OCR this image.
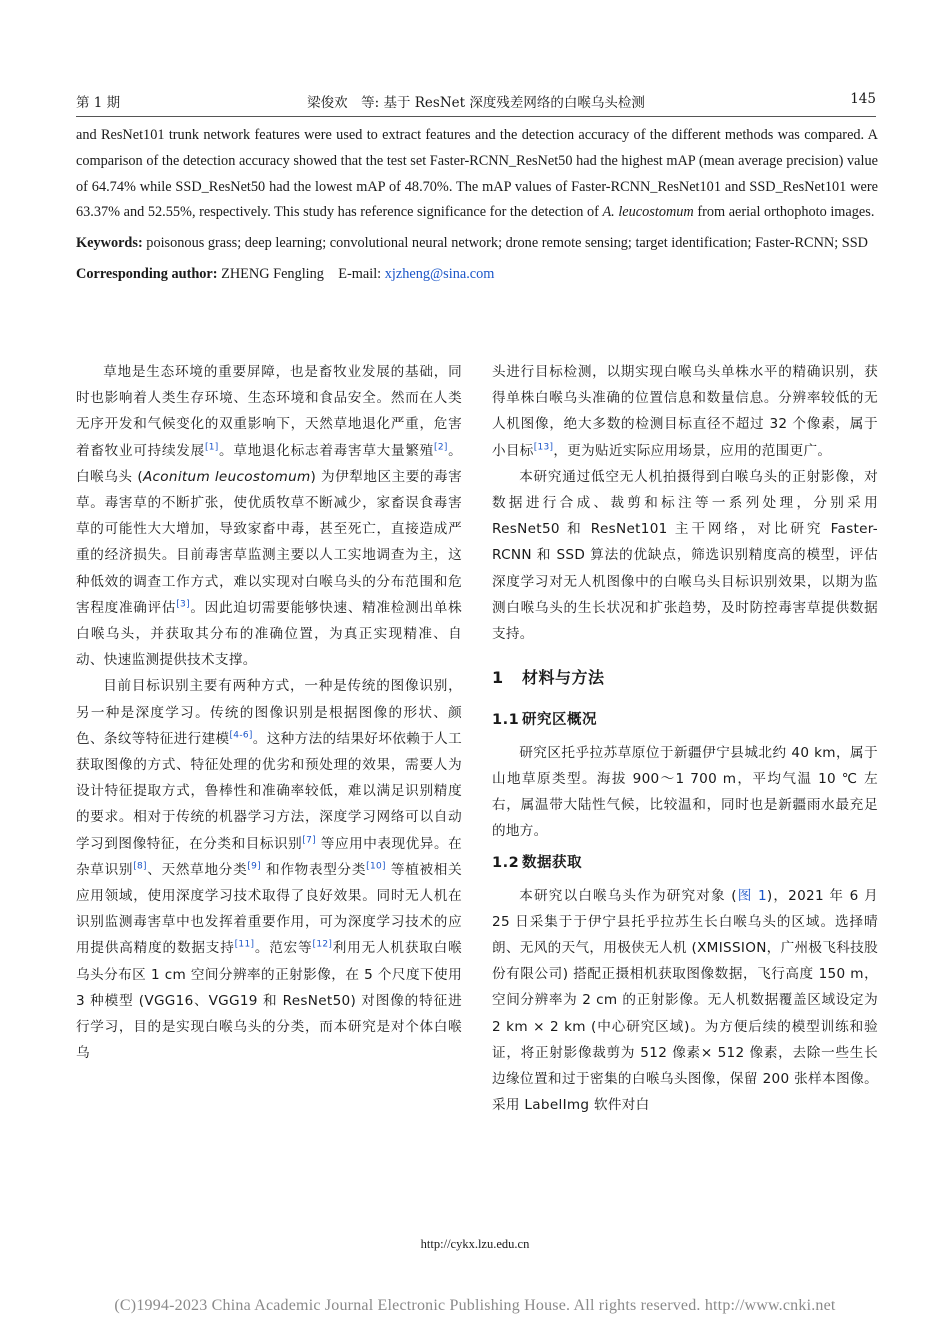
第 1 期	梁俊欢　等: 基于 ResNet 深度残差网络的白喉乌头检测	145

and ResNet101 trunk network features were used to extract features and the detection accuracy of the different methods was compared. A comparison of the detection accuracy showed that the test set Faster-RCNN_ResNet50 had the highest mAP (mean average precision) value of 64.74% while SSD_ResNet50 had the lowest mAP of 48.70%. The mAP values of Faster-RCNN_ResNet101 and SSD_ResNet101 were 63.37% and 52.55%, respectively. This study has reference significance for the detection of A. leucostomum from aerial orthophoto images.

Keywords: poisonous grass; deep learning; convolutional neural network; drone remote sensing; target identification; Faster-RCNN; SSD

Corresponding author: ZHENG Fengling E-mail: xjzheng@sina.com

草地是生态环境的重要屏障，也是畜牧业发展的基础，同时也影响着人类生存环境、生态环境和食品安全。然而在人类无序开发和气候变化的双重影响下，天然草地退化严重，危害着畜牧业可持续发展[1]。草地退化标志着毒害草大量繁殖[2]。白喉乌头 (Aconitum leucostomum) 为伊犁地区主要的毒害草。毒害草的不断扩张，使优质牧草不断减少，家畜误食毒害草的可能性大大增加，导致家畜中毒，甚至死亡，直接造成严重的经济损失。目前毒害草监测主要以人工实地调查为主，这种低效的调查工作方式，难以实现对白喉乌头的分布范围和危害程度准确评估[3]。因此迫切需要能够快速、精准检测出单株白喉乌头，并获取其分布的准确位置，为真正实现精准、自动、快速监测提供技术支撑。

目前目标识别主要有两种方式，一种是传统的图像识别，另一种是深度学习。传统的图像识别是根据图像的形状、颜色、条纹等特征进行建模[4-6]。这种方法的结果好坏依赖于人工获取图像的方式、特征处理的优劣和预处理的效果，需要人为设计特征提取方式，鲁棒性和准确率较低，难以满足识别精度的要求。相对于传统的机器学习方法，深度学习网络可以自动学习到图像特征，在分类和目标识别[7] 等应用中表现优异。在杂草识别[8]、天然草地分类[9] 和作物表型分类[10] 等植被相关应用领域，使用深度学习技术取得了良好效果。同时无人机在识别监测毒害草中也发挥着重要作用，可为深度学习技术的应用提供高精度的数据支持[11]。范宏等[12]利用无人机获取白喉乌头分布区 1 cm 空间分辨率的正射影像，在 5 个尺度下使用 3 种模型 (VGG16、VGG19 和 ResNet50) 对图像的特征进行学习，目的是实现白喉乌头的分类，而本研究是对个体白喉乌

头进行目标检测，以期实现白喉乌头单株水平的精确识别，获得单株白喉乌头准确的位置信息和数量信息。分辨率较低的无人机图像，绝大多数的检测目标直径不超过 32 个像素，属于小目标[13]，更为贴近实际应用场景，应用的范围更广。

本研究通过低空无人机拍摄得到白喉乌头的正射影像，对数据进行合成、裁剪和标注等一系列处理，分别采用 ResNet50 和 ResNet101 主干网络，对比研究 Faster-RCNN 和 SSD 算法的优缺点，筛选识别精度高的模型，评估深度学习对无人机图像中的白喉乌头目标识别效果，以期为监测白喉乌头的生长状况和扩张趋势，及时防控毒害草提供数据支持。

1 材料与方法
1.1 研究区概况

研究区托乎拉苏草原位于新疆伊宁县城北约 40 km，属于山地草原类型。海拔 900～1 700 m，平均气温 10 ℃ 左右，属温带大陆性气候，比较温和，同时也是新疆雨水最充足的地方。

1.2 数据获取

本研究以白喉乌头作为研究对象 (图 1)，2021 年 6 月 25 日采集于于伊宁县托乎拉苏生长白喉乌头的区域。选择晴朗、无风的天气，用极侠无人机 (XMISSION，广州极飞科技股份有限公司) 搭配正摄相机获取图像数据，飞行高度 150 m，空间分辨率为 2 cm 的正射影像。无人机数据覆盖区域设定为 2 km × 2 km (中心研究区域)。为方便后续的模型训练和验证，将正射影像裁剪为 512 像素× 512 像素，去除一些生长边缘位置和过于密集的白喉乌头图像，保留 200 张样本图像。采用 LabelImg 软件对白

http://cykx.lzu.edu.cn
(C)1994-2023 China Academic Journal Electronic Publishing House. All rights reserved. http://www.cnki.net
